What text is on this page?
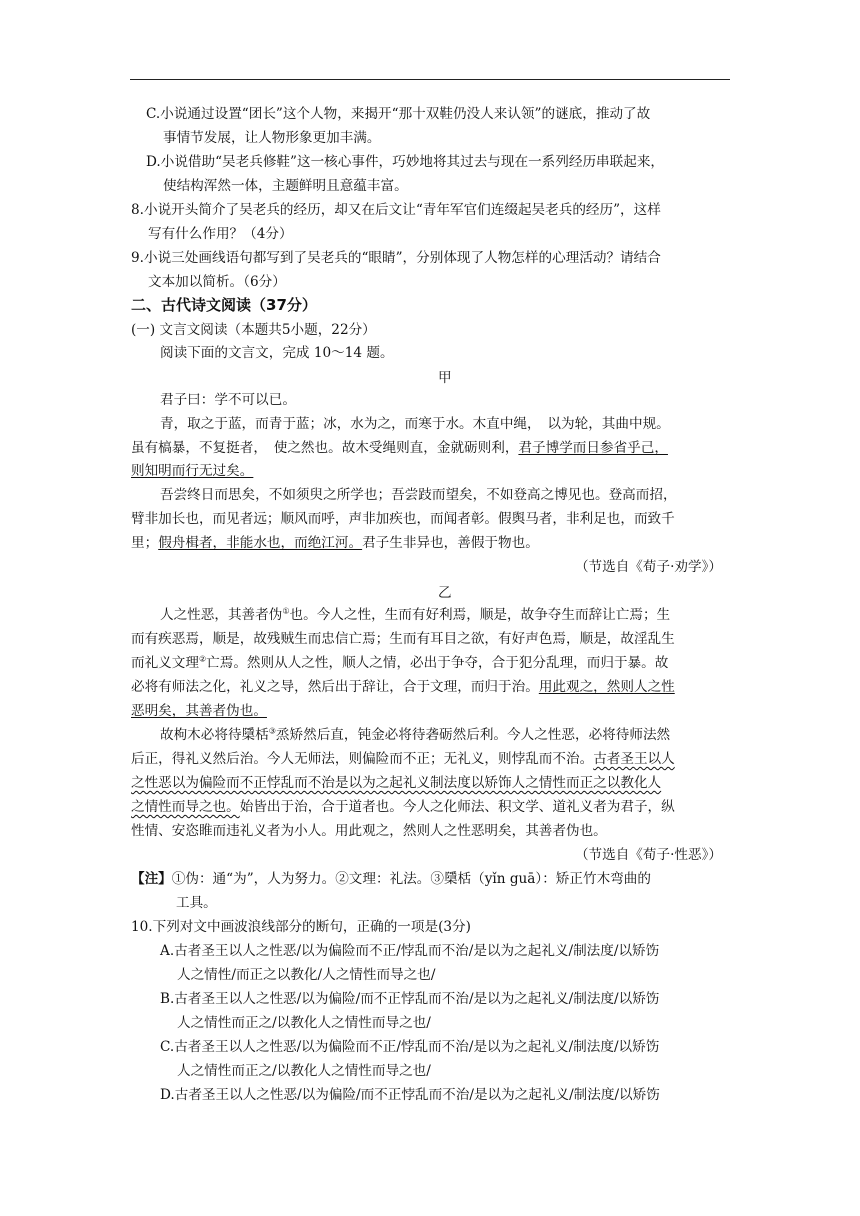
C.小说通过设置“团长”这个人物，来揭开“那十双鞋仍没人来认领”的谜底，推动了故
事情节发展，让人物形象更加丰满。
D.小说借助“吴老兵修鞋”这一核心事件，巧妙地将其过去与现在一系列经历串联起来，
使结构浑然一体，主题鲜明且意蕴丰富。
8.小说开头简介了吴老兵的经历，却又在后文让“青年军官们连缀起吴老兵的经历”，这样
写有什么作用？（4分）
9.小说三处画线语句都写到了吴老兵的“眼睛”，分别体现了人物怎样的心理活动？请结合
文本加以简析。（6分）
二、古代诗文阅读（37分）
(一) 文言文阅读（本题共5小题，22分）
阅读下面的文言文，完成 10～14 题。
甲
君子曰：学不可以已。
青，取之于蓝，而青于蓝；冰，水为之，而寒于水。木直中绳，　以为轮，其曲中规。
虽有槁暴，不复挺者，　使之然也。故木受绳则直，金就砺则利，君子博学而日参省乎己，
则知明而行无过矣。
吾尝终日而思矣，不如须臾之所学也；吾尝跂而望矣，不如登高之博见也。登高而招，
臂非加长也，而见者远；顺风而呼，声非加疾也，而闻者彰。假舆马者，非利足也，而致千
里；假舟楫者，非能水也，而绝江河。君子生非异也，善假于物也。
（节选自《荀子·劝学》）
乙
人之性恶，其善者伪①也。今人之性，生而有好利焉，顺是，故争夺生而辞让亡焉；生
而有疾恶焉，顺是，故残贼生而忠信亡焉；生而有耳目之欲，有好声色焉，顺是，故淫乱生
而礼义文理②亡焉。然则从人之性，顺人之情，必出于争夺，合于犯分乱理，而归于暴。故
必将有师法之化，礼义之导，然后出于辞让，合于文理，而归于治。用此观之，然则人之性
恶明矣，其善者伪也。
故枸木必将待檃栝③烝矫然后直，钝金必将待砻砺然后利。今人之性恶，必将待师法然
后正，得礼义然后治。今人无师法，则偏险而不正；无礼义，则悖乱而不治。古者圣王以人
之性恶以为偏险而不正悖乱而不治是以为之起礼义制法度以矫饰人之情性而正之以教化人
之情性而导之也。始皆出于治，合于道者也。今人之化师法、积文学、道礼义者为君子，纵
性情、安恣睢而违礼义者为小人。用此观之，然则人之性恶明矣，其善者伪也。
（节选自《荀子·性恶》）
【注】①伪：通“为”，人为努力。②文理：礼法。③檃栝（yǐn guā）：矫正竹木弯曲的
工具。
10.下列对文中画波浪线部分的断句，正确的一项是(3分)
A.古者圣王以人之性恶/以为偏险而不正/悖乱而不治/是以为之起礼义/制法度/以矫饬
人之情性/而正之以教化/人之情性而导之也/
B.古者圣王以人之性恶/以为偏险/而不正悖乱而不治/是以为之起礼义/制法度/以矫饬
人之情性而正之/以教化人之情性而导之也/
C.古者圣王以人之性恶/以为偏险而不正/悖乱而不治/是以为之起礼义/制法度/以矫饬
人之情性而正之/以教化人之情性而导之也/
D.古者圣王以人之性恶/以为偏险/而不正悖乱而不治/是以为之起礼义/制法度/以矫饬
